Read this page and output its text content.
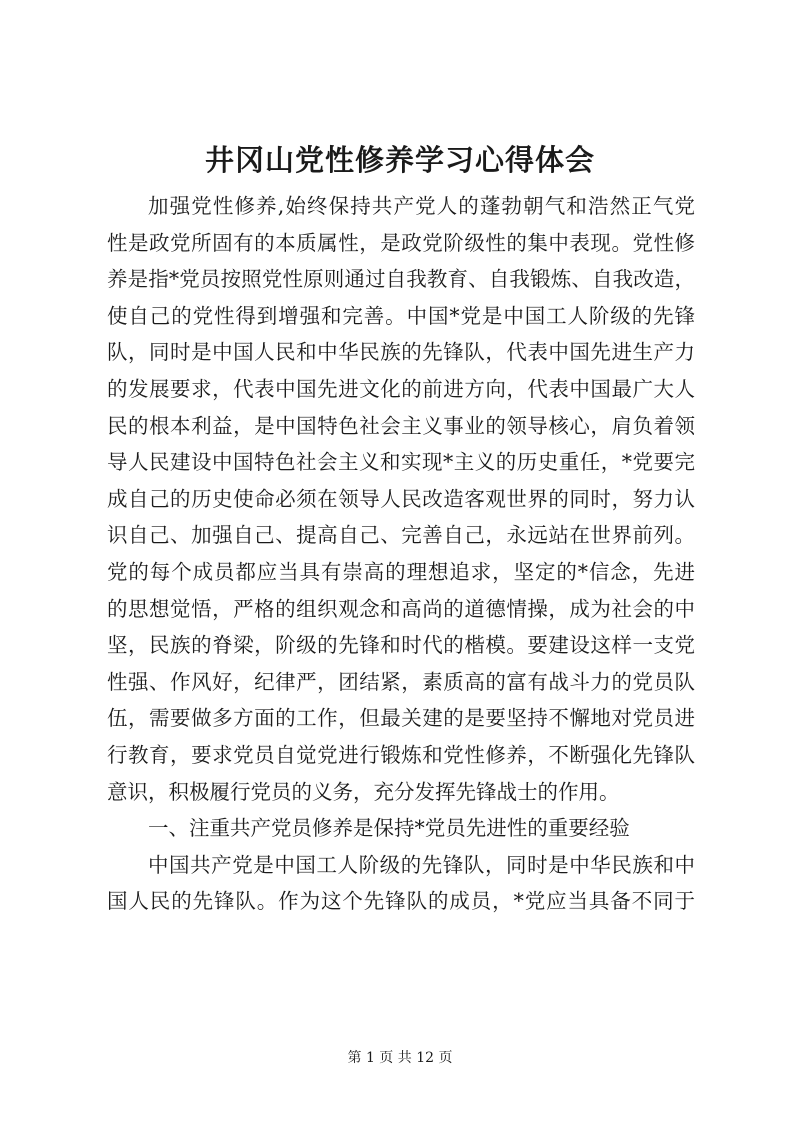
井冈山党性修养学习心得体会
加强党性修养,始终保持共产党人的蓬勃朝气和浩然正气党
性是政党所固有的本质属性，是政党阶级性的集中表现。党性修
养是指*党员按照党性原则通过自我教育、自我锻炼、自我改造，
使自己的党性得到增强和完善。中国*党是中国工人阶级的先锋
队，同时是中国人民和中华民族的先锋队，代表中国先进生产力
的发展要求，代表中国先进文化的前进方向，代表中国最广大人
民的根本利益，是中国特色社会主义事业的领导核心，肩负着领
导人民建设中国特色社会主义和实现*主义的历史重任，*党要完
成自己的历史使命必须在领导人民改造客观世界的同时，努力认
识自己、加强自己、提高自己、完善自己，永远站在世界前列。
党的每个成员都应当具有崇高的理想追求，坚定的*信念，先进
的思想觉悟，严格的组织观念和高尚的道德情操，成为社会的中
坚，民族的脊梁，阶级的先锋和时代的楷模。要建设这样一支党
性强、作风好，纪律严，团结紧，素质高的富有战斗力的党员队
伍，需要做多方面的工作，但最关建的是要坚持不懈地对党员进
行教育，要求党员自觉党进行锻炼和党性修养，不断强化先锋队
意识，积极履行党员的义务，充分发挥先锋战士的作用。
一、注重共产党员修养是保持*党员先进性的重要经验
中国共产党是中国工人阶级的先锋队，同时是中华民族和中
国人民的先锋队。作为这个先锋队的成员，*党应当具备不同于
第 1 页 共 12 页
